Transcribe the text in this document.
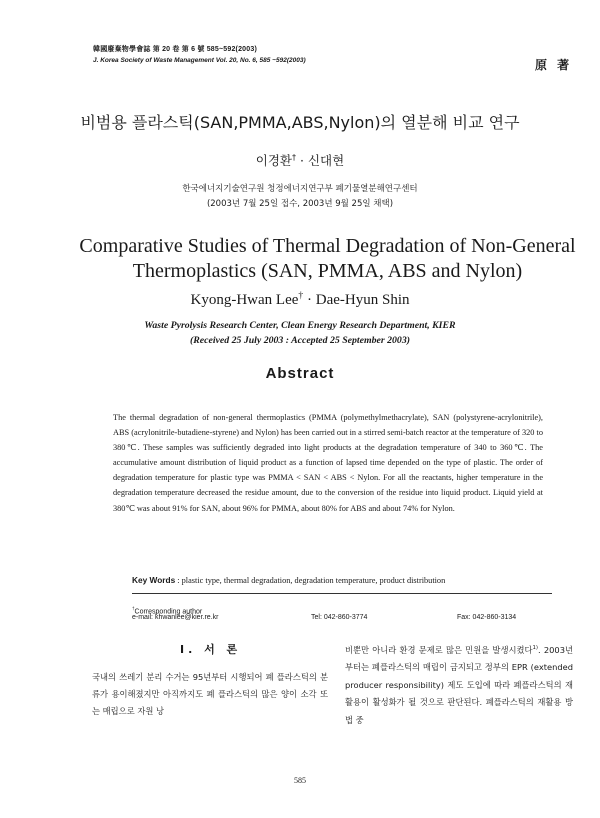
韓國廢棄物學會誌 第 20 卷 第 6 號 585~592(2003)
J. Korea Society of Waste Management Vol. 20, No. 6, 585 ~592(2003)	原 著
비범용 플라스틱(SAN,PMMA,ABS,Nylon)의 열분해 비교 연구
이경환† · 신대현
한국에너지기술연구원 청정에너지연구부 폐기물열분해연구센터
(2003년 7월 25일 접수, 2003년 9월 25일 채택)
Comparative Studies of Thermal Degradation of Non-General Thermoplastics (SAN, PMMA, ABS and Nylon)
Kyong-Hwan Lee† · Dae-Hyun Shin
Waste Pyrolysis Research Center, Clean Energy Research Department, KIER
(Received 25 July 2003 : Accepted 25 September 2003)
Abstract
The thermal degradation of non-general thermoplastics (PMMA (polymethylmethacrylate), SAN (polystyrene-acrylonitrile), ABS (acrylonitrile-butadiene-styrene) and Nylon) has been carried out in a stirred semi-batch reactor at the temperature of 320 to 380℃. These samples was sufficiently degraded into light products at the degradation temperature of 340 to 360℃. The accumulative amount distribution of liquid product as a function of lapsed time depended on the type of plastic. The order of degradation temperature for plastic type was PMMA < SAN < ABS < Nylon. For all the reactants, higher temperature in the degradation temperature decreased the residue amount, due to the conversion of the residue into liquid product. Liquid yield at 380℃ was about 91% for SAN, about 96% for PMMA, about 80% for ABS and about 74% for Nylon.
Key Words : plastic type, thermal degradation, degradation temperature, product distribution
†Corresponding author
e-mail: khwanlee@kier.re.kr	Tel: 042-860-3774	Fax: 042-860-3134
Ⅰ. 서 론
국내의 쓰레기 분리 수거는 95년부터 시행되어 폐 플라스틱의 분류가 용이해졌지만 아직까지도 폐 플라스틱의 많은 양이 소각 또는 매립으로 자원 낭
비뿐만 아니라 환경 문제로 많은 민원을 발생시켰다$^{1)}$. 2003년부터는 폐플라스틱의 매립이 금지되고 정부의 EPR (extended producer responsibility) 제도 도입에 따라 폐플라스틱의 재활용이 활성화가 될 것으로 판단된다. 폐플라스틱의 재활용 방법 중
585
